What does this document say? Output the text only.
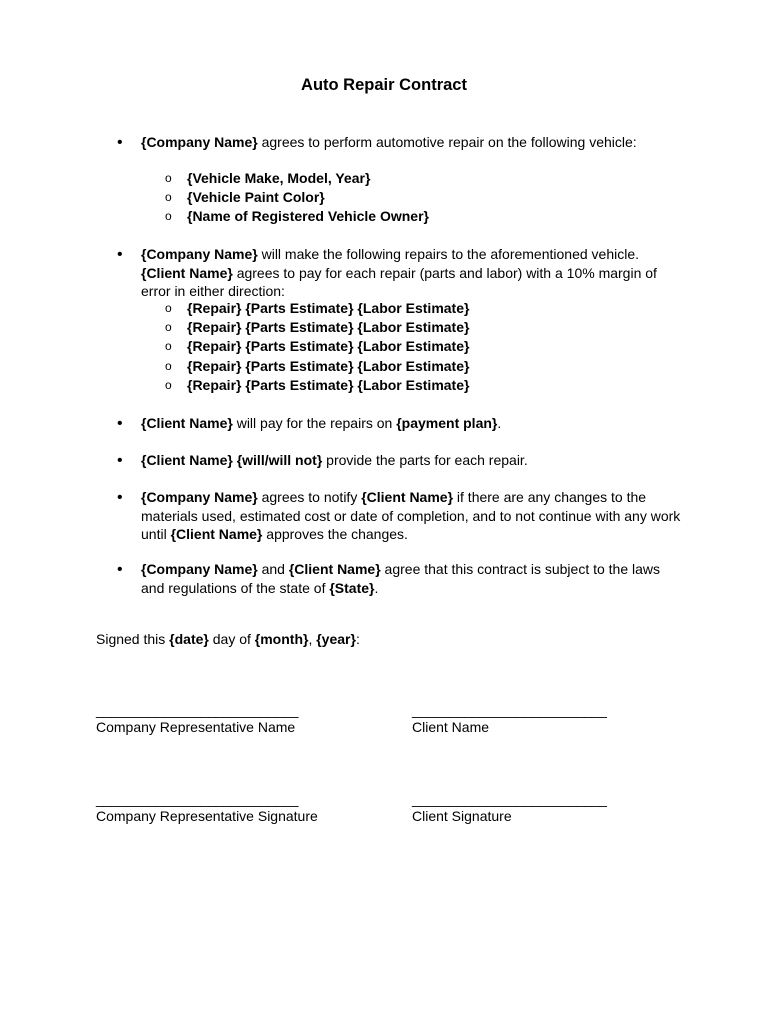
Auto Repair Contract
• {Company Name} agrees to perform automotive repair on the following vehicle:
o {Vehicle Make, Model, Year}
o {Vehicle Paint Color}
o {Name of Registered Vehicle Owner}
• {Company Name} will make the following repairs to the aforementioned vehicle. {Client Name} agrees to pay for each repair (parts and labor) with a 10% margin of error in either direction:
o {Repair} {Parts Estimate} {Labor Estimate}
o {Repair} {Parts Estimate} {Labor Estimate}
o {Repair} {Parts Estimate} {Labor Estimate}
o {Repair} {Parts Estimate} {Labor Estimate}
o {Repair} {Parts Estimate} {Labor Estimate}
• {Client Name} will pay for the repairs on {payment plan}.
• {Client Name} {will/will not} provide the parts for each repair.
• {Company Name} agrees to notify {Client Name} if there are any changes to the materials used, estimated cost or date of completion, and to not continue with any work until {Client Name} approves the changes.
• {Company Name} and {Client Name} agree that this contract is subject to the laws and regulations of the state of {State}.
Signed this {date} day of {month}, {year}:
___________________________
Company Representative Name
__________________________
Client Name
___________________________
Company Representative Signature
__________________________
Client Signature
